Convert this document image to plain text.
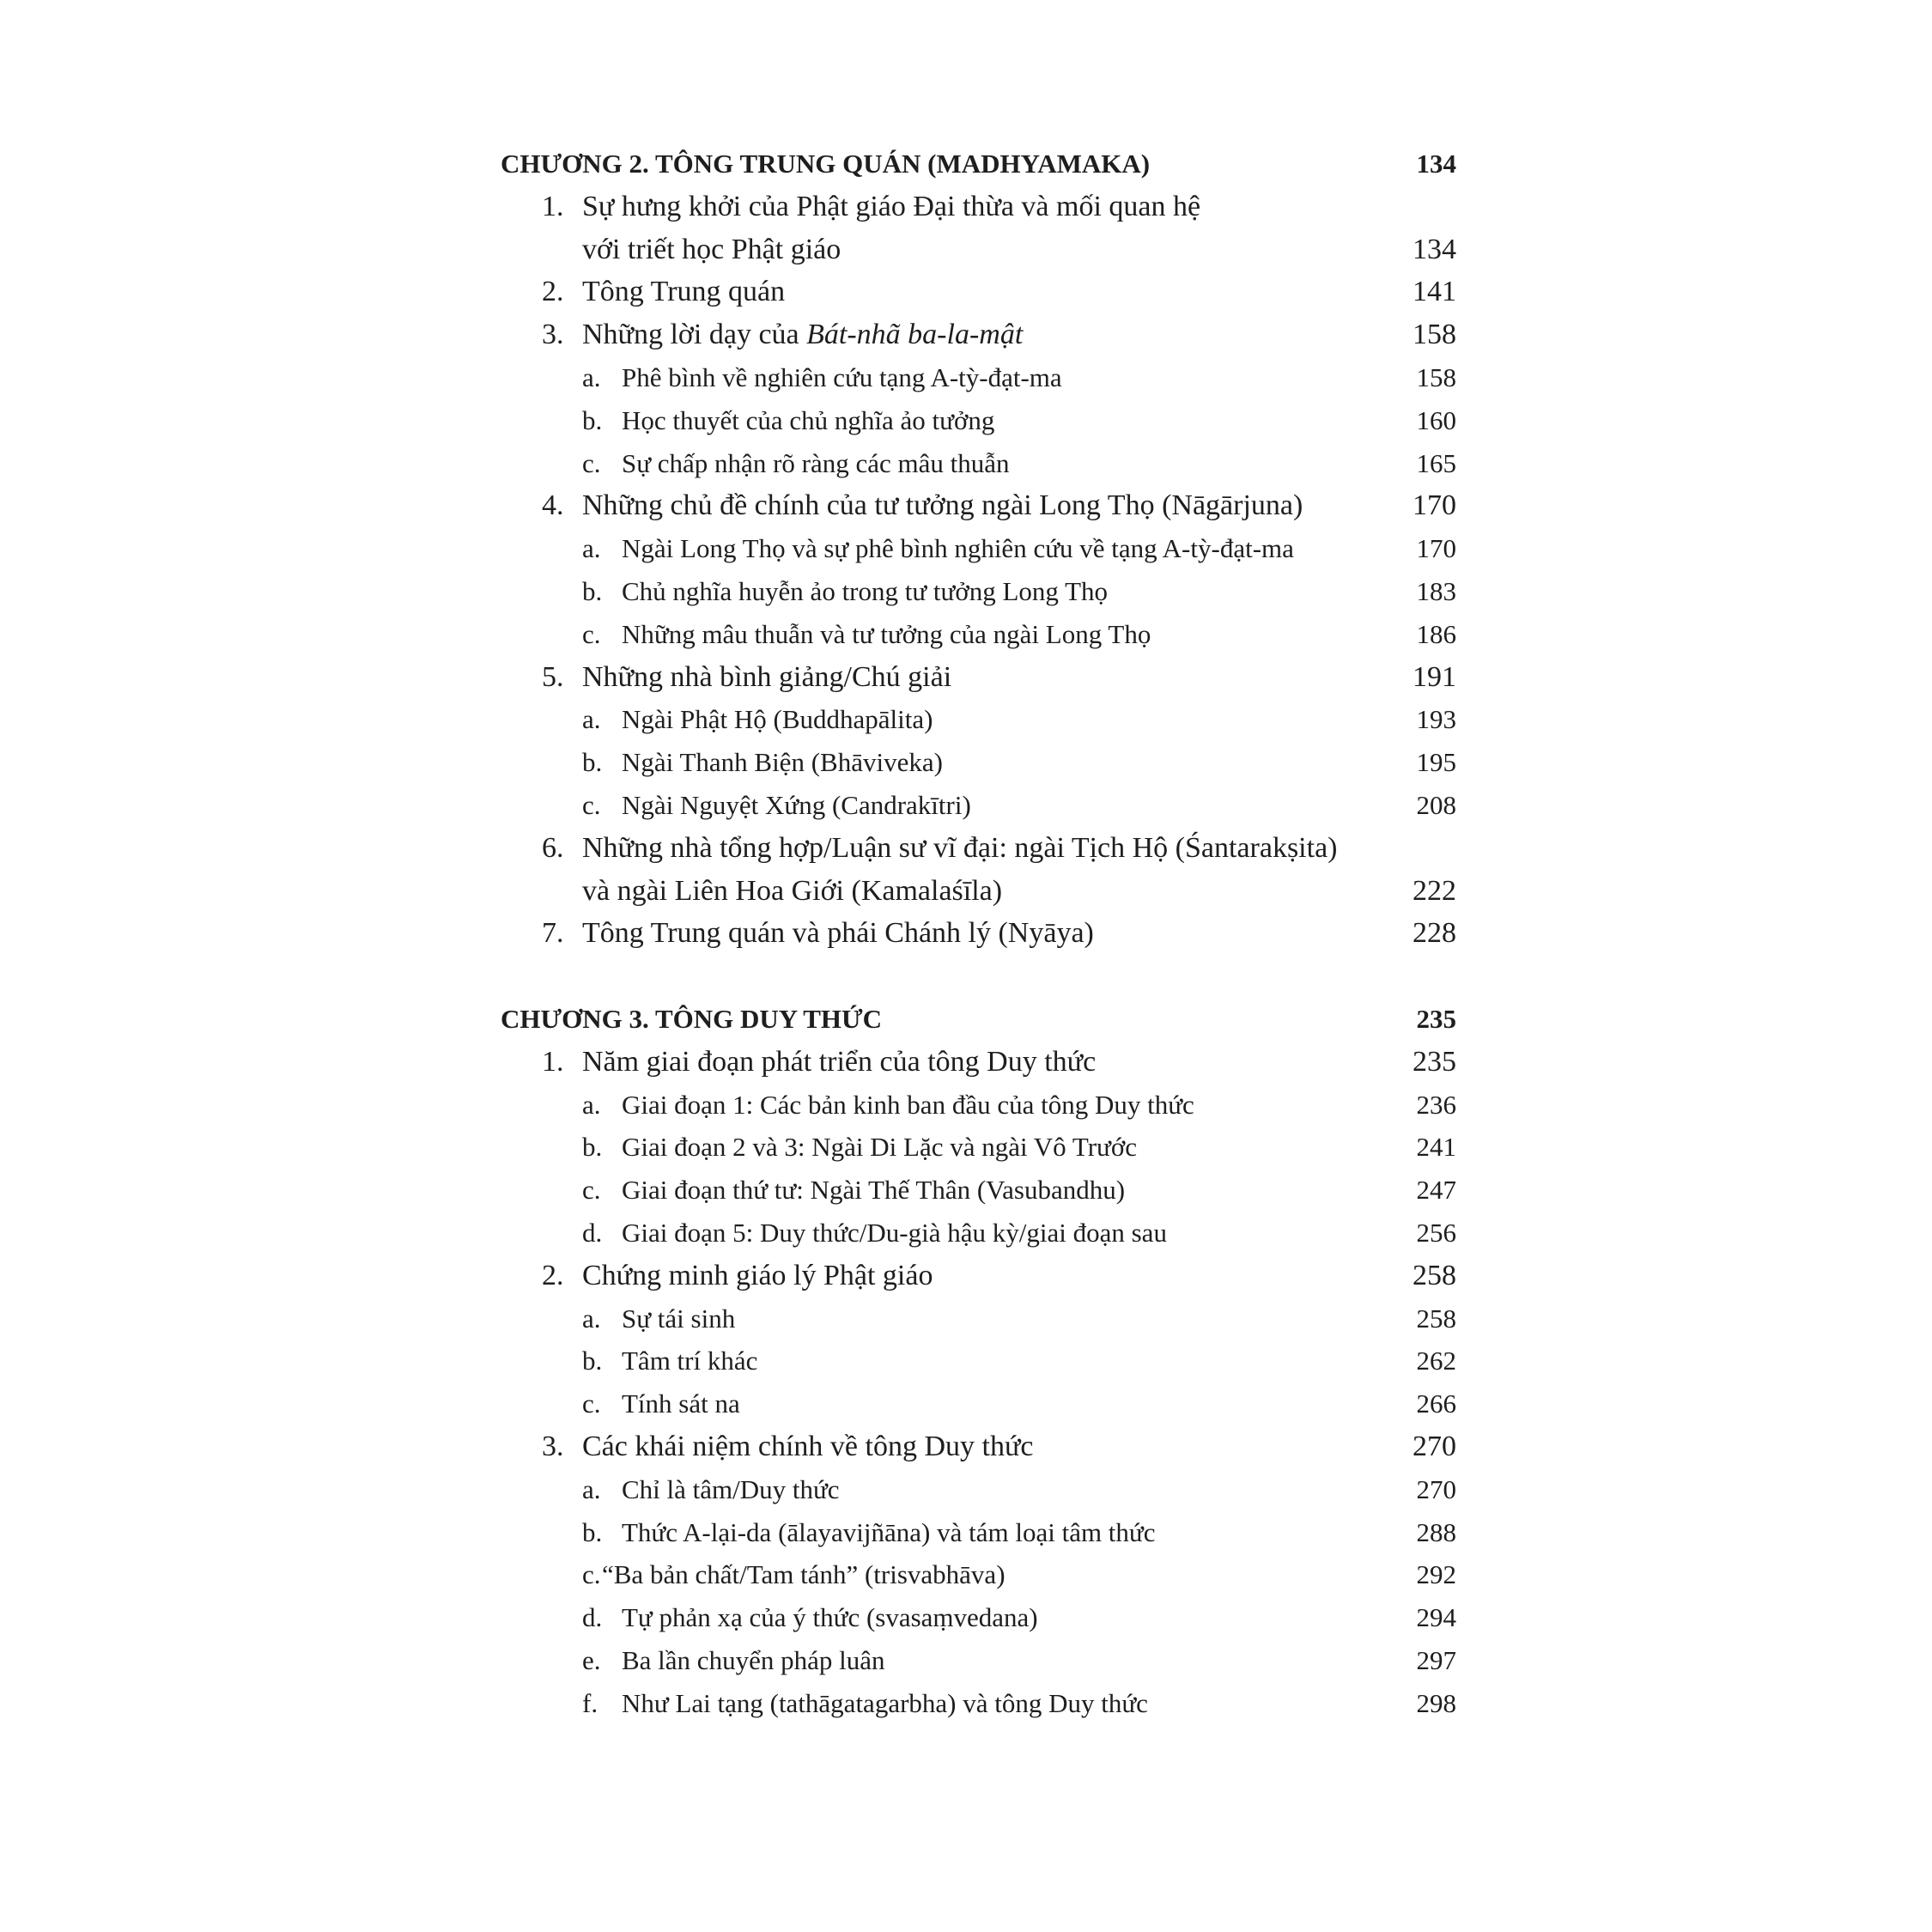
CHƯƠNG 2. TÔNG TRUNG QUÁN (MADHYAMAKA)	134
1. Sự hưng khởi của Phật giáo Đại thừa và mối quan hệ
với triết học Phật giáo	134
2. Tông Trung quán	141
3. Những lời dạy của Bát-nhã ba-la-mật	158
a. Phê bình về nghiên cứu tạng A-tỳ-đạt-ma	158
b. Học thuyết của chủ nghĩa ảo tưởng	160
c. Sự chấp nhận rõ ràng các mâu thuẫn	165
4. Những chủ đề chính của tư tưởng ngài Long Thọ (Nāgārjuna)	170
a. Ngài Long Thọ và sự phê bình nghiên cứu về tạng A-tỳ-đạt-ma	170
b. Chủ nghĩa huyễn ảo trong tư tưởng Long Thọ	183
c. Những mâu thuẫn và tư tưởng của ngài Long Thọ	186
5. Những nhà bình giảng/Chú giải	191
a. Ngài Phật Hộ (Buddhapālita)	193
b. Ngài Thanh Biện (Bhāviveka)	195
c. Ngài Nguyệt Xứng (Candrakītri)	208
6. Những nhà tổng hợp/Luận sư vĩ đại: ngài Tịch Hộ (Śantarakṣita)
và ngài Liên Hoa Giới (Kamalaśīla)	222
7. Tông Trung quán và phái Chánh lý (Nyāya)	228
CHƯƠNG 3. TÔNG DUY THỨC	235
1. Năm giai đoạn phát triển của tông Duy thức	235
a. Giai đoạn 1: Các bản kinh ban đầu của tông Duy thức	236
b. Giai đoạn 2 và 3: Ngài Di Lặc và ngài Vô Trước	241
c. Giai đoạn thứ tư: Ngài Thế Thân (Vasubandhu)	247
d. Giai đoạn 5: Duy thức/Du-già hậu kỳ/giai đoạn sau	256
2. Chứng minh giáo lý Phật giáo	258
a. Sự tái sinh	258
b. Tâm trí khác	262
c. Tính sát na	266
3. Các khái niệm chính về tông Duy thức	270
a. Chỉ là tâm/Duy thức	270
b. Thức A-lại-da (ālayavijñāna) và tám loại tâm thức	288
c. “Ba bản chất/Tam tánh” (trisvabhāva)	292
d. Tự phản xạ của ý thức (svasaṃvedana)	294
e. Ba lần chuyển pháp luân	297
f. Như Lai tạng (tathāgatagarbha) và tông Duy thức	298
